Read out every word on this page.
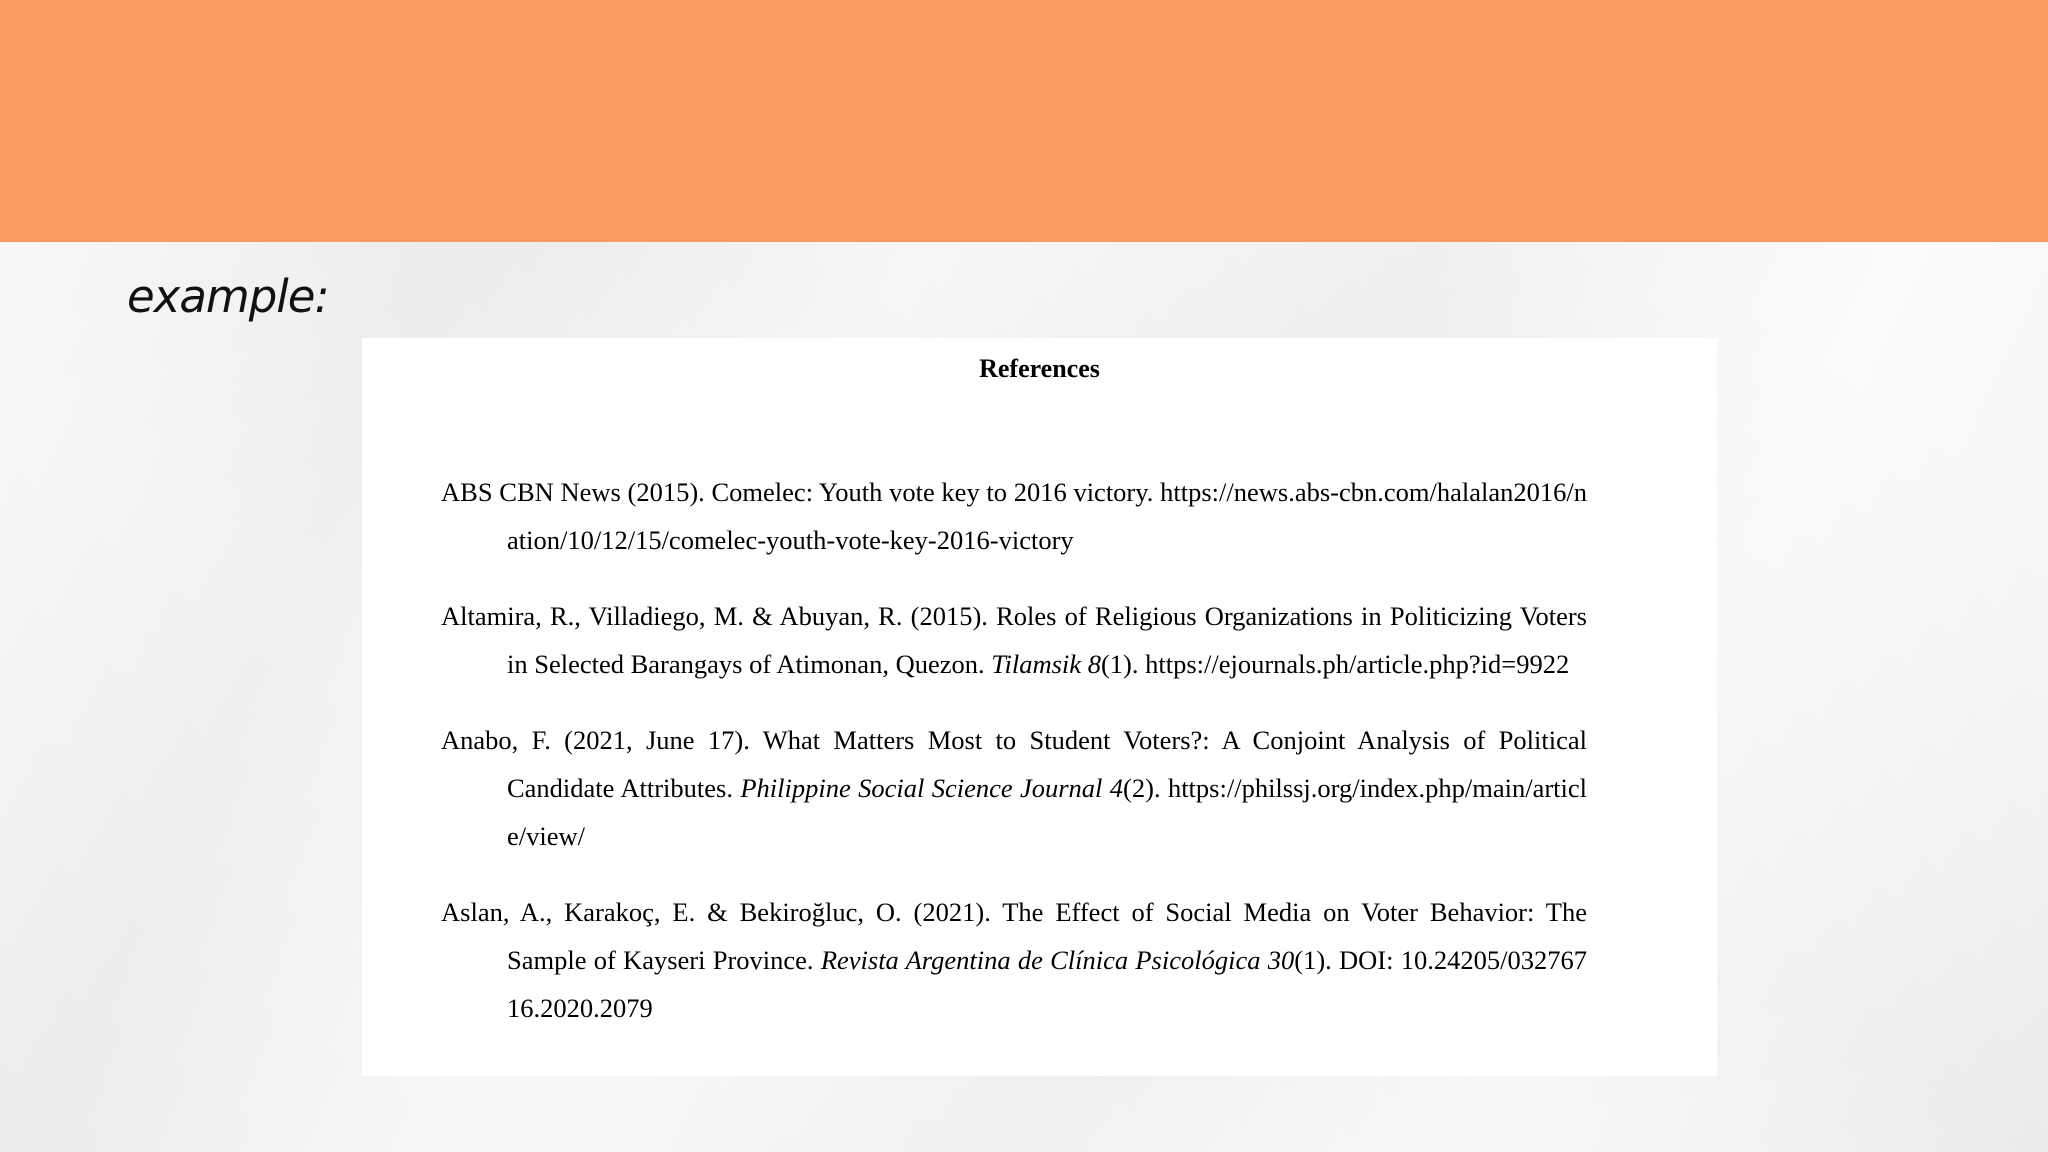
example:
References

ABS CBN News (2015). Comelec: Youth vote key to 2016 victory. https://news.abs-cbn.com/halalan2016/nation/10/12/15/comelec-youth-vote-key-2016-victory

Altamira, R., Villadiego, M. & Abuyan, R. (2015). Roles of Religious Organizations in Politicizing Voters in Selected Barangays of Atimonan, Quezon. Tilamsik 8(1). https://ejournals.ph/article.php?id=9922

Anabo, F. (2021, June 17). What Matters Most to Student Voters?: A Conjoint Analysis of Political Candidate Attributes. Philippine Social Science Journal 4(2). https://philssj.org/index.php/main/article/view/

Aslan, A., Karakoç, E. & Bekiroğluc, O. (2021). The Effect of Social Media on Voter Behavior: The Sample of Kayseri Province. Revista Argentina de Clínica Psicológica 30(1). DOI: 10.24205/03276716.2020.2079
